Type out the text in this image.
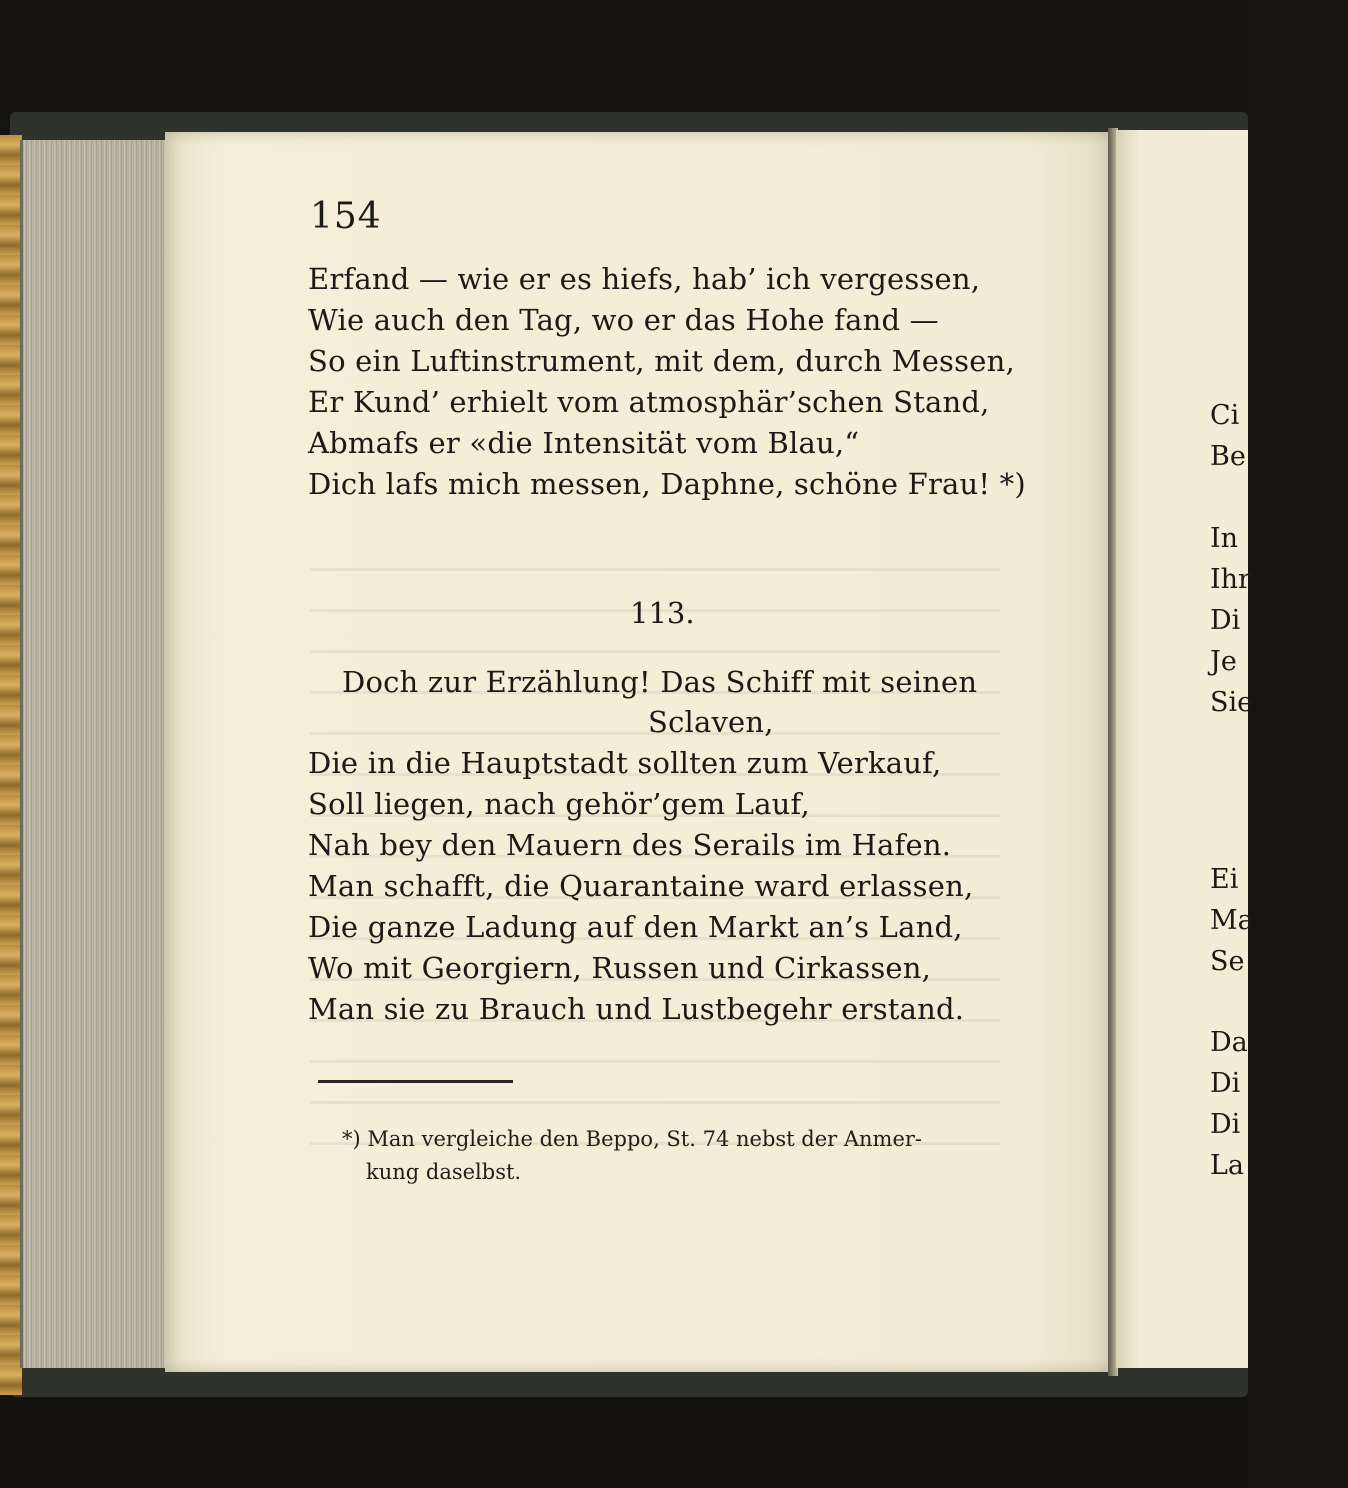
154
Erfand — wie er es hiefs, hab’ ich vergessen,
Wie auch den Tag, wo er das Hohe fand —
So ein Luftinstrument, mit dem, durch Messen,
Er Kund’ erhielt vom atmosphär’schen Stand,
Abmafs er «die Intensität vom Blau,“
Dich lafs mich messen, Daphne, schöne Frau! *)
113.
Doch zur Erzählung! Das Schiff mit seinen
Sclaven,
Die in die Hauptstadt sollten zum Verkauf,
Soll liegen, nach gehör’gem Lauf,
Nah bey den Mauern des Serails im Hafen.
Man schafft, die Quarantaine ward erlassen,
Die ganze Ladung auf den Markt an’s Land,
Wo mit Georgiern, Russen und Cirkassen,
Man sie zu Brauch und Lustbegehr erstand.
*) Man vergleiche den Beppo, St. 74 nebst der Anmer-
kung daselbst.
Ci
Be
In
Ihr
Di
Je
Sie
Ei
Ma
Se
Da
Di
Di
La
